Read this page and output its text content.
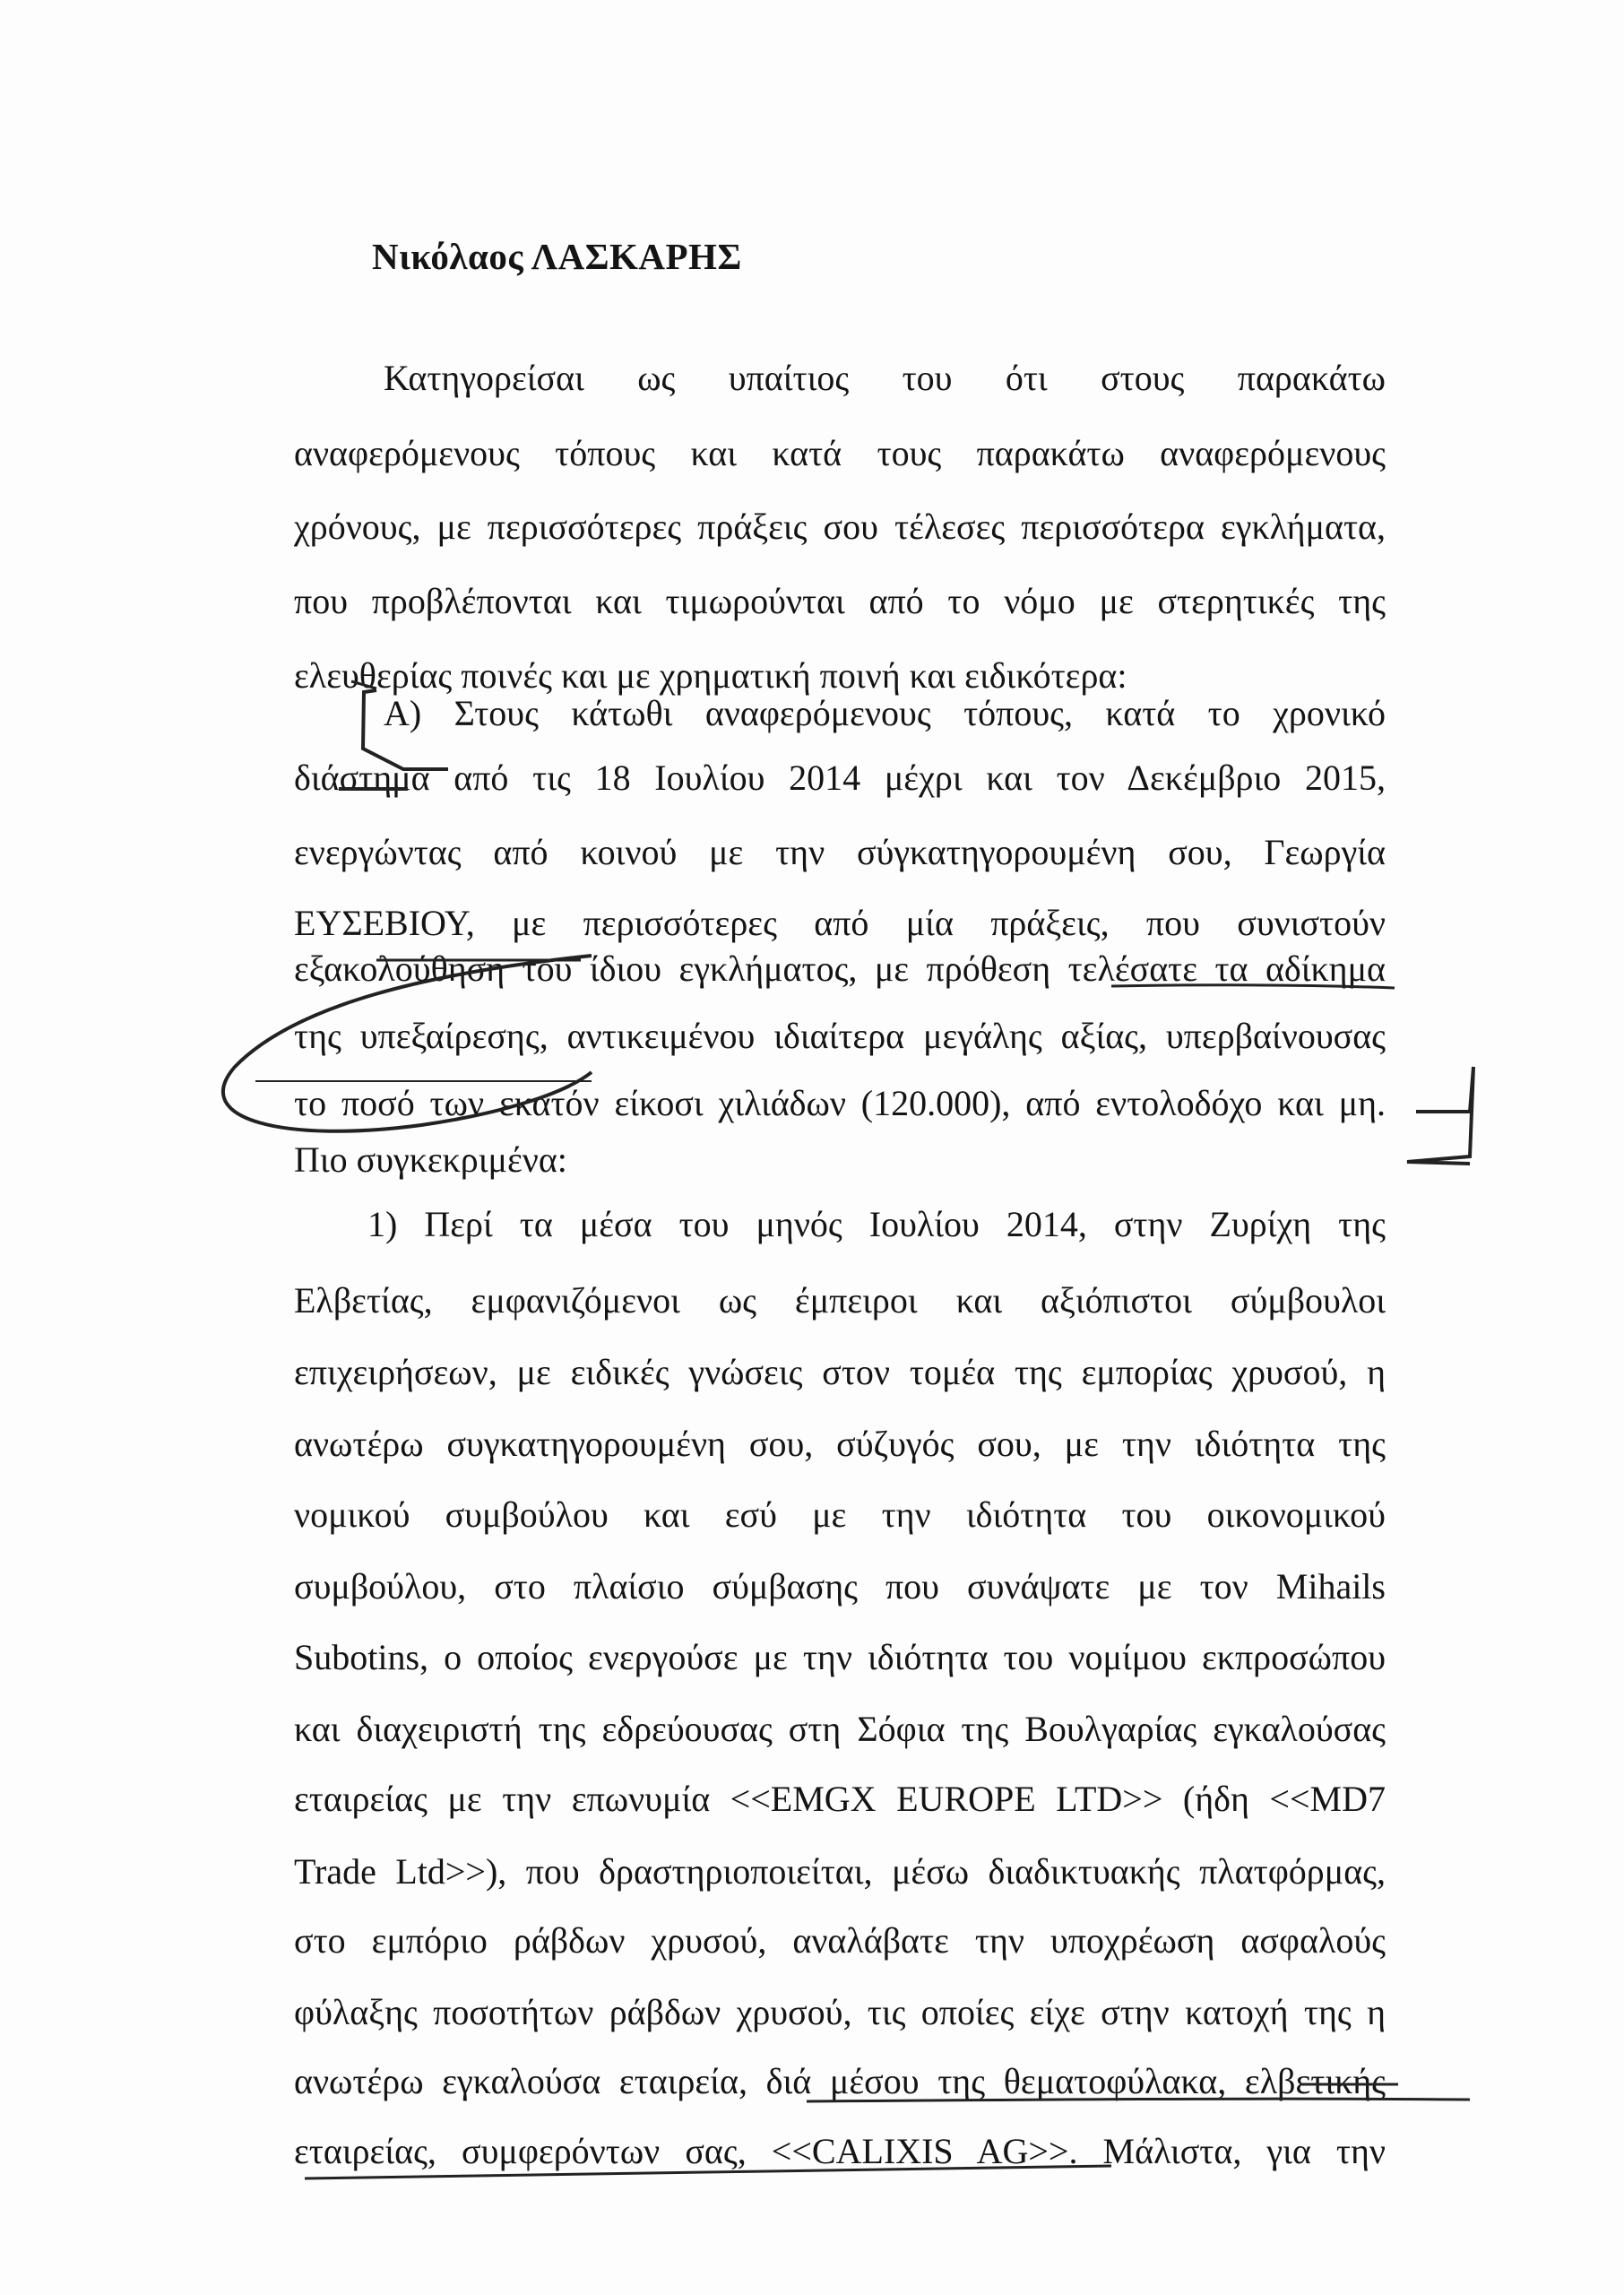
Νικόλαος ΛΑΣΚΑΡΗΣ
Κατηγορείσαι ως υπαίτιος του ότι στους παρακάτω
αναφερόμενους τόπους και κατά τους παρακάτω αναφερόμενους
χρόνους, με περισσότερες πράξεις σου τέλεσες περισσότερα εγκλήματα,
που προβλέπονται και τιμωρούνται από το νόμο με στερητικές της
ελευθερίας ποινές και με χρηματική ποινή και ειδικότερα:
Α) Στους κάτωθι αναφερόμενους τόπους, κατά το χρονικό
διάστημα από τις 18 Ιουλίου 2014 μέχρι και τον Δεκέμβριο 2015,
ενεργώντας από κοινού με την σύγκατηγορουμένη σου, Γεωργία
ΕΥΣΕΒΙΟΥ, με περισσότερες από μία πράξεις, που συνιστούν
εξακολούθηση του ίδιου εγκλήματος, με πρόθεση τελέσατε τα αδίκημα
της υπεξαίρεσης, αντικειμένου ιδιαίτερα μεγάλης αξίας, υπερβαίνουσας
το ποσό των εκατόν είκοσι χιλιάδων (120.000), από εντολοδόχο και μη.
Πιο συγκεκριμένα:
1) Περί τα μέσα του μηνός Ιουλίου 2014, στην Ζυρίχη της
Ελβετίας, εμφανιζόμενοι ως έμπειροι και αξιόπιστοι σύμβουλοι
επιχειρήσεων, με ειδικές γνώσεις στον τομέα της εμπορίας χρυσού, η
ανωτέρω συγκατηγορουμένη σου, σύζυγός σου, με την ιδιότητα της
νομικού συμβούλου και εσύ με την ιδιότητα του οικονομικού
συμβούλου, στο πλαίσιο σύμβασης που συνάψατε με τον Mihails
Subotins, ο οποίος ενεργούσε με την ιδιότητα του νομίμου εκπροσώπου
και διαχειριστή της εδρεύουσας στη Σόφια της Βουλγαρίας εγκαλούσας
εταιρείας με την επωνυμία <<EMGX EUROPE LTD>> (ήδη <<MD7
Trade Ltd>>), που δραστηριοποιείται, μέσω διαδικτυακής πλατφόρμας,
στο εμπόριο ράβδων χρυσού, αναλάβατε την υποχρέωση ασφαλούς
φύλαξης ποσοτήτων ράβδων χρυσού, τις οποίες είχε στην κατοχή της η
ανωτέρω εγκαλούσα εταιρεία, διά μέσου της θεματοφύλακα, ελβετικής
εταιρείας, συμφερόντων σας, <<CALIXIS AG>>. Μάλιστα, για την
